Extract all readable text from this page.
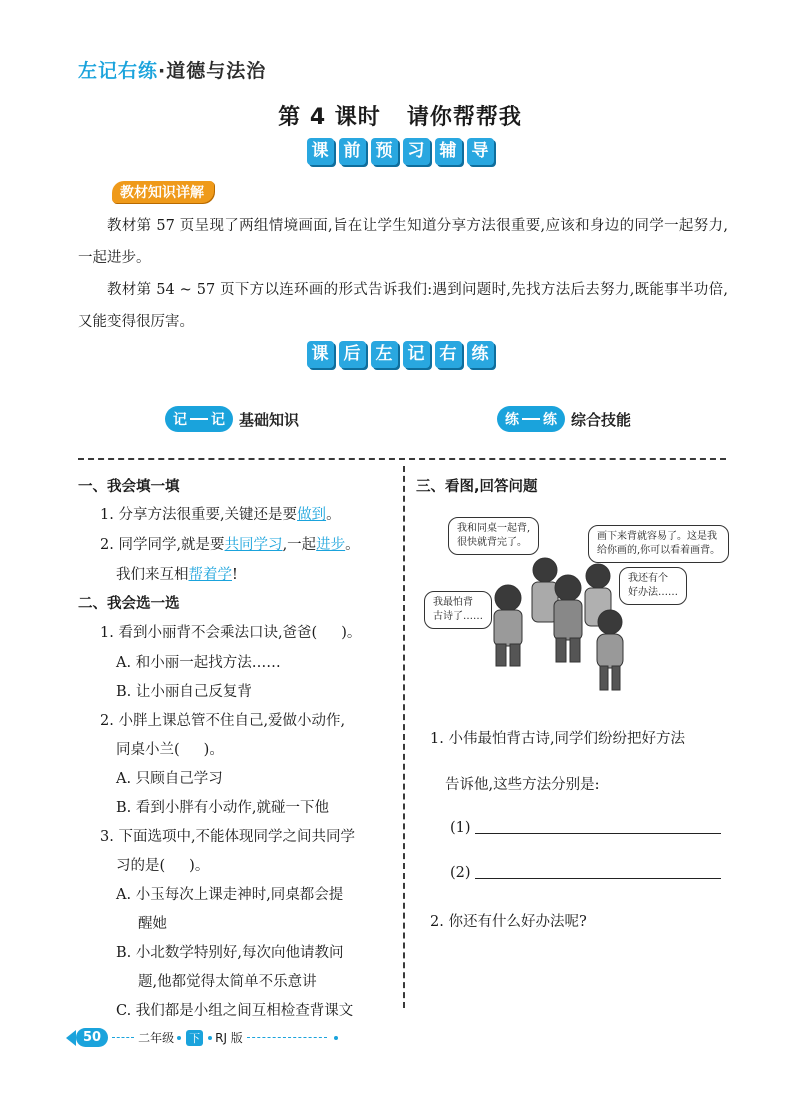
左记右练·道德与法治
第 4 课时 请你帮帮我
课 前 预 习 辅 导
教材知识详解
教材第 57 页呈现了两组情境画面,旨在让学生知道分享方法很重要,应该和身边的同学一起努力,一起进步。
教材第 54 ~ 57 页下方以连环画的形式告诉我们:遇到问题时,先找方法后去努力,既能事半功倍,又能变得很厉害。
课 后 左 记 右 练
记 记 基础知识	练 练 综合技能
一、我会填一填
1. 分享方法很重要,关键还是要做到。
2. 同学同学,就是要共同学习,一起进步。
我们来互相帮着学!
二、我会选一选
1. 看到小丽背不会乘法口诀,爸爸( )。
A. 和小丽一起找方法……
B. 让小丽自己反复背
2. 小胖上课总管不住自己,爱做小动作,
同桌小兰( )。
A. 只顾自己学习
B. 看到小胖有小动作,就碰一下他
3. 下面选项中,不能体现同学之间共同学
习的是( )。
A. 小玉每次上课走神时,同桌都会提
醒她
B. 小北数学特别好,每次向他请教问
题,他都觉得太简单不乐意讲
C. 我们都是小组之间互相检查背课文
三、看图,回答问题
我和同桌一起背,
很快就背完了。
画下来背就容易了。这是我
给你画的,你可以看着画背。
我还有个
好办法……
我最怕背
古诗了……
1. 小伟最怕背古诗,同学们纷纷把好方法
告诉他,这些方法分别是:
(1)
(2)
2. 你还有什么好办法呢?
50	二年级 下 RJ 版
